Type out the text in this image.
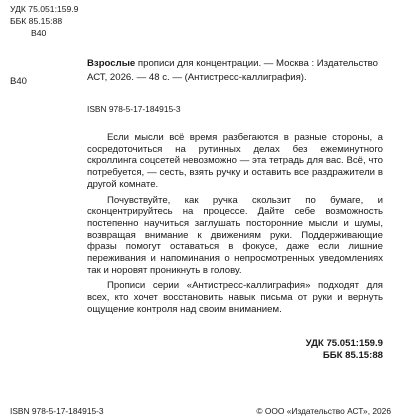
УДК 75.051:159.9
ББК 85.15:88
В40
В40
Взрослые прописи для концентрации. — Москва : Издательство АСТ, 2026. — 48 с. — (Антистресс-каллиграфия).
ISBN 978-5-17-184915-3

Если мысли всё время разбегаются в разные стороны, а сосредоточиться на рутинных делах без ежеминутного скроллинга соцсетей невозможно — эта тетрадь для вас. Всё, что потребуется, — сесть, взять ручку и оставить все раздражители в другой комнате.

Почувствуйте, как ручка скользит по бумаге, и сконцентрируйтесь на процессе. Дайте себе возможность постепенно научиться заглушать посторонние мысли и шумы, возвращая внимание к движениям руки. Поддерживающие фразы помогут оставаться в фокусе, даже если лишние переживания и напоминания о непросмотренных уведомлениях так и норовят проникнуть в голову.

Прописи серии «Антистресс-каллиграфия» подходят для всех, кто хочет восстановить навык письма от руки и вернуть ощущение контроля над своим вниманием.

УДК 75.051:159.9
ББК 85.15:88
ISBN 978-5-17-184915-3	© ООО «Издательство АСТ», 2026
